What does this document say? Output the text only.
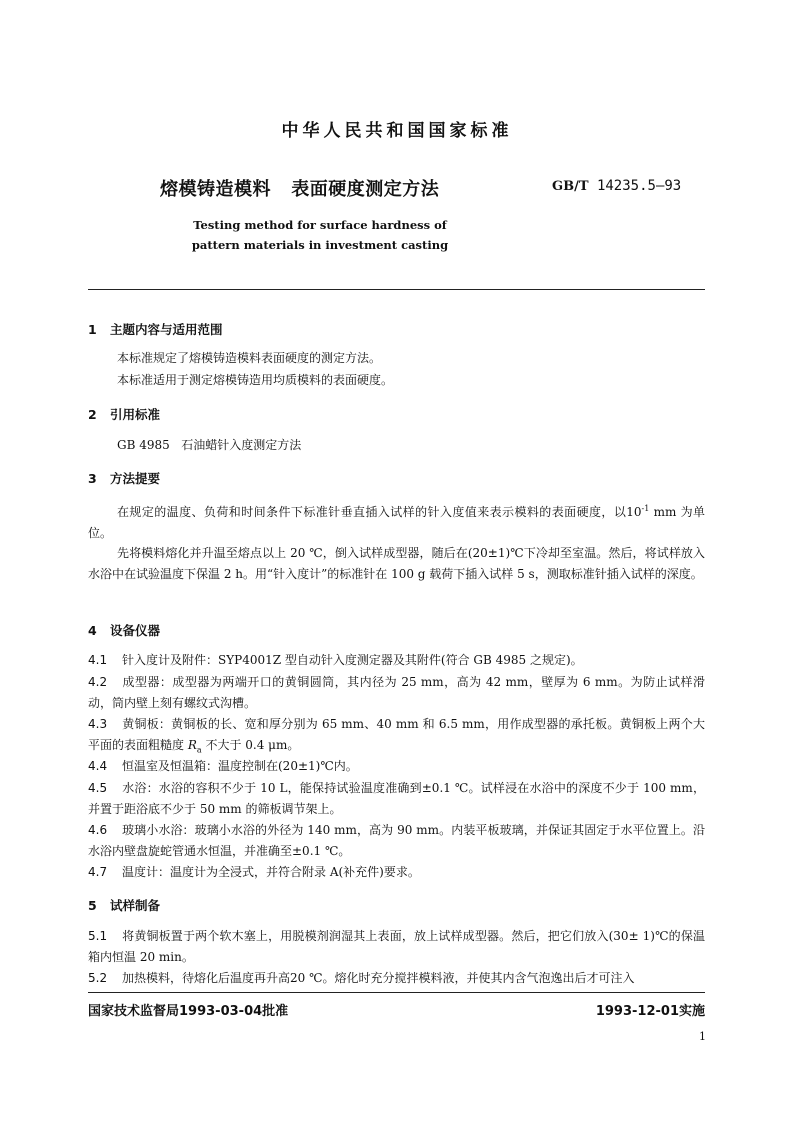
中华人民共和国国家标准
熔模铸造模料   表面硬度测定方法	GB/T 14235.5—93
Testing method for surface hardness of
pattern materials in investment casting
1 主题内容与适用范围
本标准规定了熔模铸造模料表面硬度的测定方法。
本标准适用于测定熔模铸造用均质模料的表面硬度。
2 引用标准
GB 4985   石油蜡针入度测定方法
3 方法提要
在规定的温度、负荷和时间条件下标准针垂直插入试样的针入度值来表示模料的表面硬度，以$10^{-1}$ mm 为单位。
先将模料熔化并升温至熔点以上 20 ℃，倒入试样成型器，随后在(20±1)℃下冷却至室温。然后，将试样放入水浴中在试验温度下保温 2 h。用“针入度计”的标准针在 100 g 载荷下插入试样 5 s，测取标准针插入试样的深度。
4 设备仪器
4.1 针入度计及附件：SYP4001Z 型自动针入度测定器及其附件(符合 GB 4985 之规定)。
4.2 成型器：成型器为两端开口的黄铜圆筒，其内径为 25 mm，高为 42 mm，壁厚为 6 mm。为防止试样滑动，筒内壁上刻有螺纹式沟槽。
4.3 黄铜板：黄铜板的长、宽和厚分别为 65 mm、40 mm 和 6.5 mm，用作成型器的承托板。黄铜板上两个大平面的表面粗糙度 $R_a$ 不大于 0.4 μm。
4.4 恒温室及恒温箱：温度控制在(20±1)℃内。
4.5 水浴：水浴的容积不少于 10 L，能保持试验温度准确到±0.1 ℃。试样浸在水浴中的深度不少于 100 mm，并置于距浴底不少于 50 mm 的筛板调节架上。
4.6 玻璃小水浴：玻璃小水浴的外径为 140 mm，高为 90 mm。内装平板玻璃，并保证其固定于水平位置上。沿水浴内壁盘旋蛇管通水恒温，并准确至±0.1 ℃。
4.7 温度计：温度计为全浸式，并符合附录 A(补充件)要求。
5 试样制备
5.1 将黄铜板置于两个软木塞上，用脱模剂润湿其上表面，放上试样成型器。然后，把它们放入(30± 1)℃的保温箱内恒温 20 min。
5.2 加热模料，待熔化后温度再升高20 ℃。熔化时充分搅拌模料液，并使其内含气泡逸出后才可注入
国家技术监督局1993-03-04批准	1993-12-01实施
1
